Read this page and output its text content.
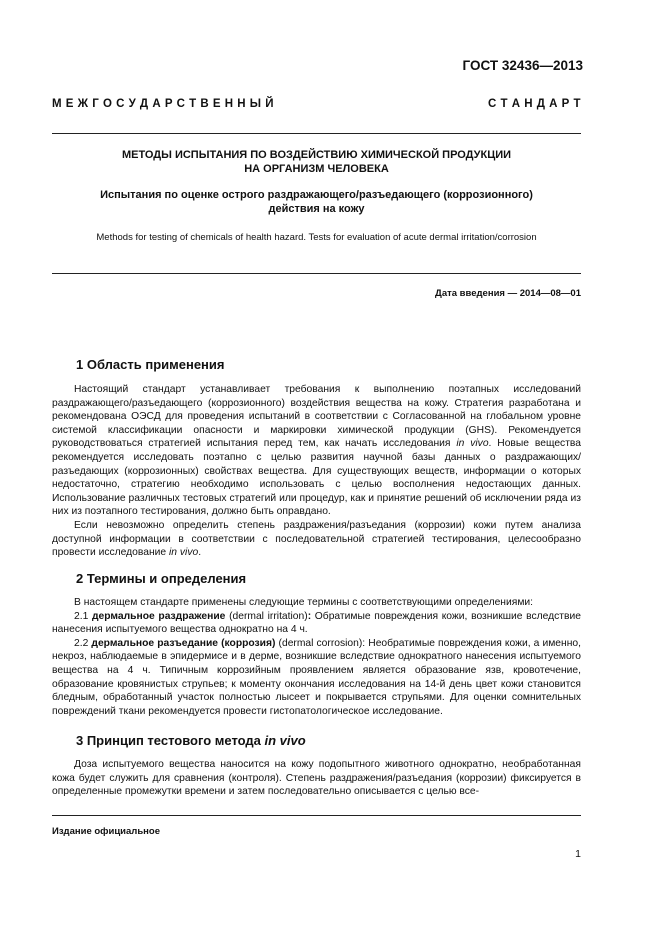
ГОСТ 32436—2013
М Е Ж Г О С У Д А Р С Т В Е Н Н Ы Й	С Т А Н Д А Р Т
МЕТОДЫ ИСПЫТАНИЯ ПО ВОЗДЕЙСТВИЮ ХИМИЧЕСКОЙ ПРОДУКЦИИ
НА ОРГАНИЗМ ЧЕЛОВЕКА
Испытания по оценке острого раздражающего/разъедающего (коррозионного)
действия на кожу
Methods for testing of chemicals of health hazard. Tests for evaluation of acute dermal irritation/corrosion
Дата введения — 2014—08—01
1 Область применения

Настоящий стандарт устанавливает требования к выполнению поэтапных исследований раздражающего/разъедающего (коррозионного) воздействия вещества на кожу. Стратегия разработана и рекомендована ОЭСД для проведения испытаний в соответствии с Согласованной на глобальном уровне системой классификации опасности и маркировки химической продукции (GHS). Рекомендуется руководствоваться стратегией испытания перед тем, как начать исследования in vivo. Новые вещества рекомендуется исследовать поэтапно с целью развития научной базы данных о раздражающих/разъедающих (коррозионных) свойствах вещества. Для существующих веществ, информации о которых недостаточно, стратегию необходимо использовать с целью восполнения недостающих данных. Использование различных тестовых стратегий или процедур, как и принятие решений об исключении ряда из них из поэтапного тестирования, должно быть оправдано.

Если невозможно определить степень раздражения/разъедания (коррозии) кожи путем анализа доступной информации в соответствии с последовательной стратегией тестирования, целесообразно провести исследование in vivo.

2 Термины и определения

В настоящем стандарте применены следующие термины с соответствующими определениями:

2.1 дермальное раздражение (dermal irritation): Обратимые повреждения кожи, возникшие вследствие нанесения испытуемого вещества однократно на 4 ч.

2.2 дермальное разъедание (коррозия) (dermal corrosion): Необратимые повреждения кожи, а именно, некроз, наблюдаемые в эпидермисе и в дерме, возникшие вследствие однократного нанесения испытуемого вещества на 4 ч. Типичным коррозийным проявлением является образование язв, кровотечение, образование кровянистых струпьев; к моменту окончания исследования на 14-й день цвет кожи становится бледным, обработанный участок полностью лысеет и покрывается струпьями. Для оценки сомнительных повреждений ткани рекомендуется провести гистопатологическое исследование.

3 Принцип тестового метода in vivo

Доза испытуемого вещества наносится на кожу подопытного животного однократно, необработанная кожа будет служить для сравнения (контроля). Степень раздражения/разъедания (коррозии) фиксируется в определенные промежутки времени и затем последовательно описывается с целью все-

Издание официальное
1
